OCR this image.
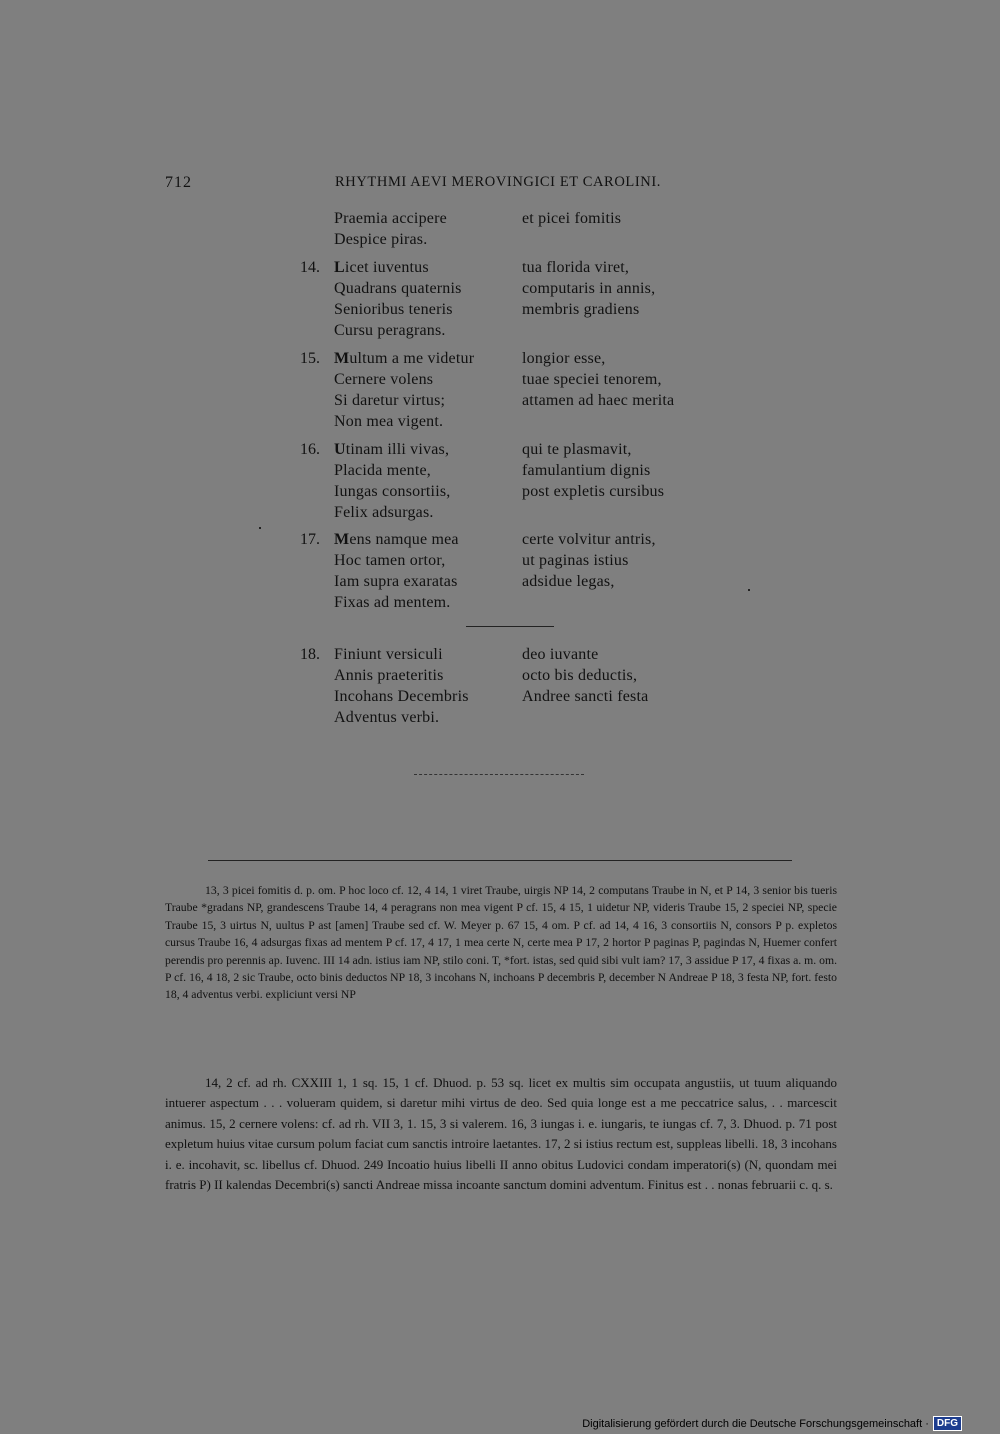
712	RHYTHMI AEVI MEROVINGICI ET CAROLINI.
Praemia accipere	et picei fomitis
Despice piras.
14. Licet iuventus	tua florida viret,
Quadrans quaternis	computaris in annis,
Senioribus teneris	membris gradiens
Cursu peragrans.
15. Multum a me videtur	longior esse,
Cernere volens	tuae speciei tenorem,
Si daretur virtus;	attamen ad haec merita
Non mea vigent.
16. Utinam illi vivas,	qui te plasmavit,
Placida mente,	famulantium dignis
Iungas consortiis,	post expletis cursibus
Felix adsurgas.
17. Mens namque mea	certe volvitur antris,
Hoc tamen ortor,	ut paginas istius
Iam supra exaratas	adsidue legas,
Fixas ad mentem.
18. Finiunt versiculi	deo iuvante
Annis praeteritis	octo bis deductis,
Incohans Decembris	Andree sancti festa
Adventus verbi.
13, 3 picei fomitis d. p. om. P hoc loco cf. 12, 4 14, 1 viret Traube, uirgis NP 14, 2 computans Traube in N, et P 14, 3 senior bis tueris Traube *gradans NP, grandescens Traube 14, 4 peragrans non mea vigent P cf. 15, 4 15, 1 uidetur NP, videris Traube 15, 2 speciei NP, specie Traube 15, 3 uirtus N, uultus P ast [amen] Traube sed cf. W. Meyer p. 67 15, 4 om. P cf. ad 14, 4 16, 3 consortiis N, consors P p. expletos cursus Traube 16, 4 adsurgas fixas ad mentem P cf. 17, 4 17, 1 mea certe N, certe mea P 17, 2 hortor P paginas P, pagindas N, Huemer confert perendis pro perennis ap. Iuvenc. III 14 adn. istius iam NP, stilo coni. T, *fort. istas, sed quid sibi vult iam? 17, 3 assidue P 17, 4 fixas a. m. om. P cf. 16, 4 18, 2 sic Traube, octo binis deductos NP 18, 3 incohans N, inchoans P decembris P, december N Andreae P 18, 3 festa NP, fort. festo 18, 4 adventus verbi. expliciunt versi NP
14, 2 cf. ad rh. CXXIII 1, 1 sq. 15, 1 cf. Dhuod. p. 53 sq. licet ex multis sim occupata angustiis, ut tuum aliquando intuerer aspectum . . . volueram quidem, si daretur mihi virtus de deo. Sed quia longe est a me peccatrice salus, . . marcescit animus. 15, 2 cernere volens: cf. ad rh. VII 3, 1. 15, 3 si valerem. 16, 3 iungas i. e. iungaris, te iungas cf. 7, 3. Dhuod. p. 71 post expletum huius vitae cursum polum faciat cum sanctis introire laetantes. 17, 2 si istius rectum est, suppleas libelli. 18, 3 incohans i. e. incohavit, sc. libellus cf. Dhuod. 249 Incoatio huius libelli II anno obitus Ludovici condam imperatori(s) (N, quondam mei fratris P) II kalendas Decembri(s) sancti Andreae missa incoante sanctum domini adventum. Finitus est . . nonas februarii c. q. s.
Digitalisierung gefördert durch die Deutsche Forschungsgemeinschaft · DFG
